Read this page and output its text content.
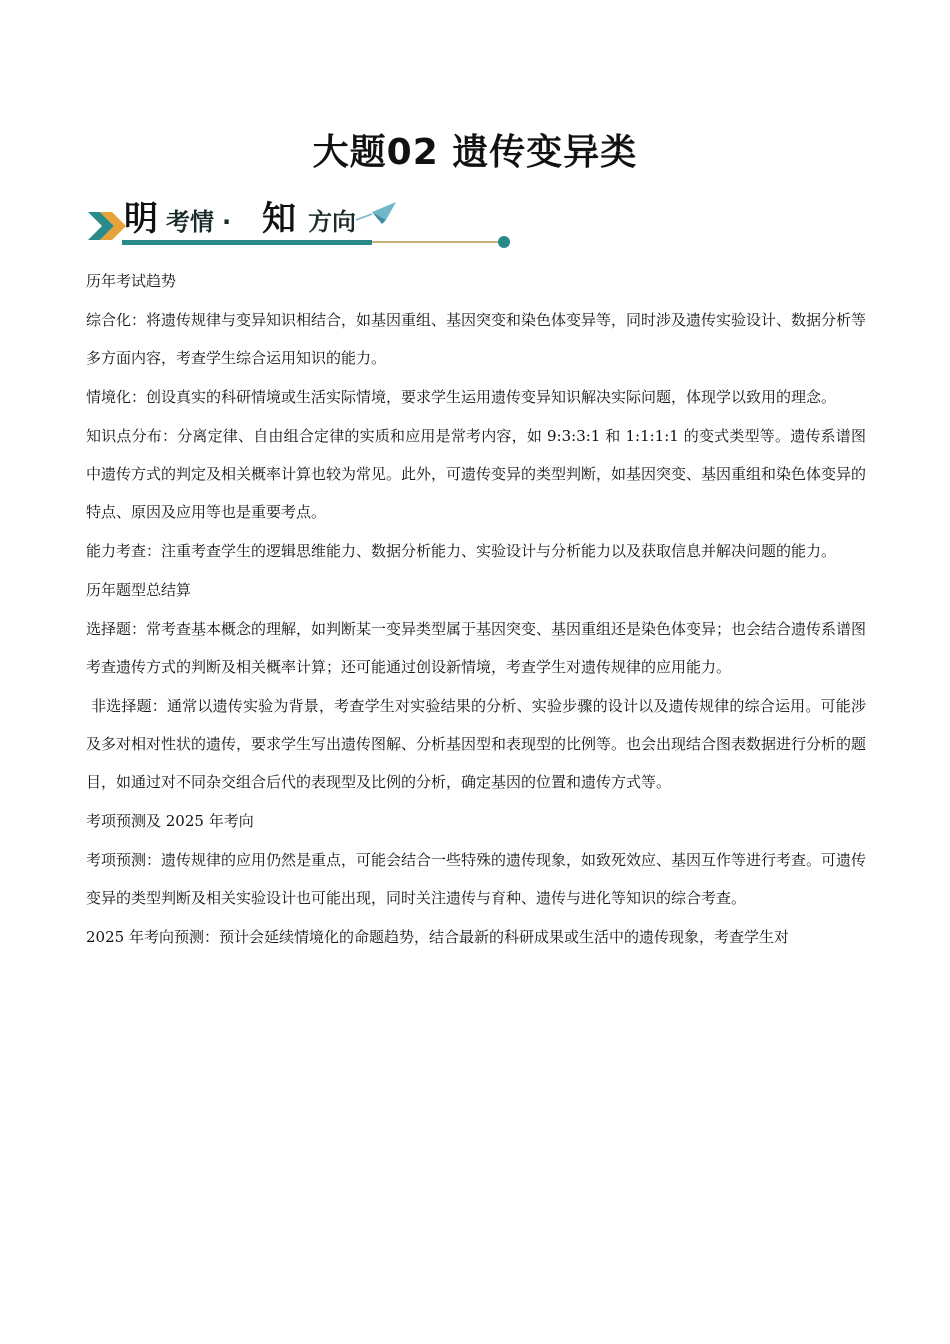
大题02 遗传变异类
明 考情 · 知 方向

历年考试趋势

综合化：将遗传规律与变异知识相结合，如基因重组、基因突变和染色体变异等，同时涉及遗传实验设计、数据分析等多方面内容，考查学生综合运用知识的能力。

情境化：创设真实的科研情境或生活实际情境，要求学生运用遗传变异知识解决实际问题，体现学以致用的理念。

知识点分布：分离定律、自由组合定律的实质和应用是常考内容，如 9:3:3:1 和 1:1:1:1 的变式类型等。遗传系谱图中遗传方式的判定及相关概率计算也较为常见。此外，可遗传变异的类型判断，如基因突变、基因重组和染色体变异的特点、原因及应用等也是重要考点。

能力考查：注重考查学生的逻辑思维能力、数据分析能力、实验设计与分析能力以及获取信息并解决问题的能力。

历年题型总结算

选择题：常考查基本概念的理解，如判断某一变异类型属于基因突变、基因重组还是染色体变异；也会结合遗传系谱图考查遗传方式的判断及相关概率计算；还可能通过创设新情境，考查学生对遗传规律的应用能力。

非选择题：通常以遗传实验为背景，考查学生对实验结果的分析、实验步骤的设计以及遗传规律的综合运用。可能涉及多对相对性状的遗传，要求学生写出遗传图解、分析基因型和表现型的比例等。也会出现结合图表数据进行分析的题目，如通过对不同杂交组合后代的表现型及比例的分析，确定基因的位置和遗传方式等。

考项预测及 2025 年考向

考项预测：遗传规律的应用仍然是重点，可能会结合一些特殊的遗传现象，如致死效应、基因互作等进行考查。可遗传变异的类型判断及相关实验设计也可能出现，同时关注遗传与育种、遗传与进化等知识的综合考查。

2025 年考向预测：预计会延续情境化的命题趋势，结合最新的科研成果或生活中的遗传现象，考查学生对
